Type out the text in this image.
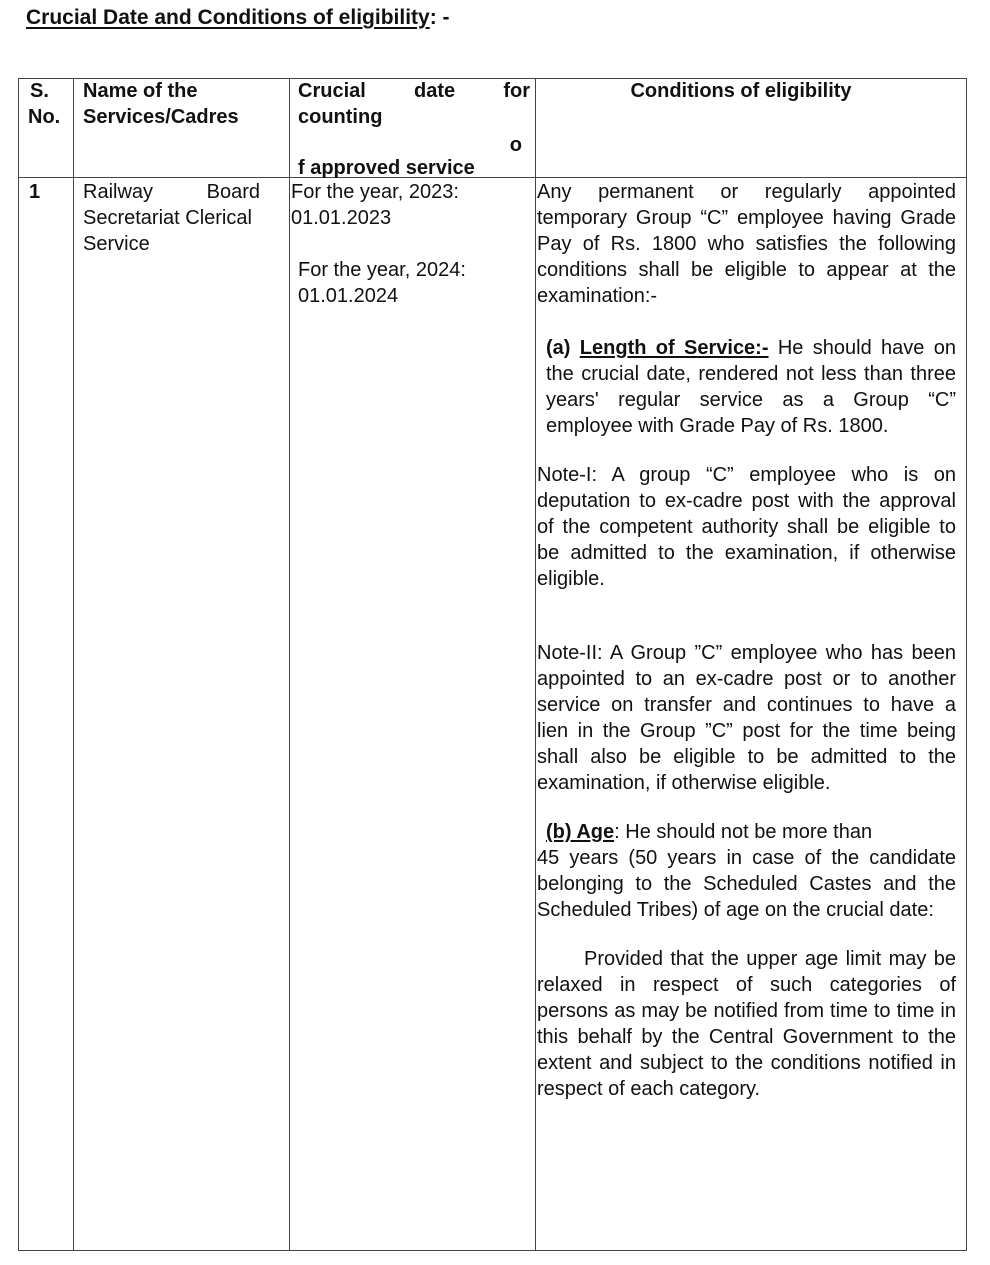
Crucial Date and Conditions of eligibility: -
S.
No.
Name of the
Services/Cadres
Crucial date for
counting
o
f approved service
Conditions of eligibility
1	Railway	Board
Secretariat Clerical
Service
For the year, 2023:
01.01.2023
For the year, 2024:
01.01.2024

Any permanent or regularly appointed temporary Group “C” employee having Grade Pay of Rs. 1800 who satisfies the following conditions shall be eligible to appear at the examination:-

(a) Length of Service:- He should have on the crucial date, rendered not less than three years' regular service as a Group “C” employee with Grade Pay of Rs. 1800.

Note-I: A group “C” employee who is on deputation to ex-cadre post with the approval of the competent authority shall be eligible to be admitted to the examination, if otherwise eligible.

Note-II: A Group ”C” employee who has been appointed to an ex-cadre post or to another service on transfer and continues to have a lien in the Group ”C” post for the time being shall also be eligible to be admitted to the examination, if otherwise eligible.

(b) Age: He should not be more than

45 years (50 years in case of the candidate belonging to the Scheduled Castes and the Scheduled Tribes) of age on the crucial date:

Provided that the upper age limit may be relaxed in respect of such categories of persons as may be notified from time to time in this behalf by the Central Government to the extent and subject to the conditions notified in respect of each category.
